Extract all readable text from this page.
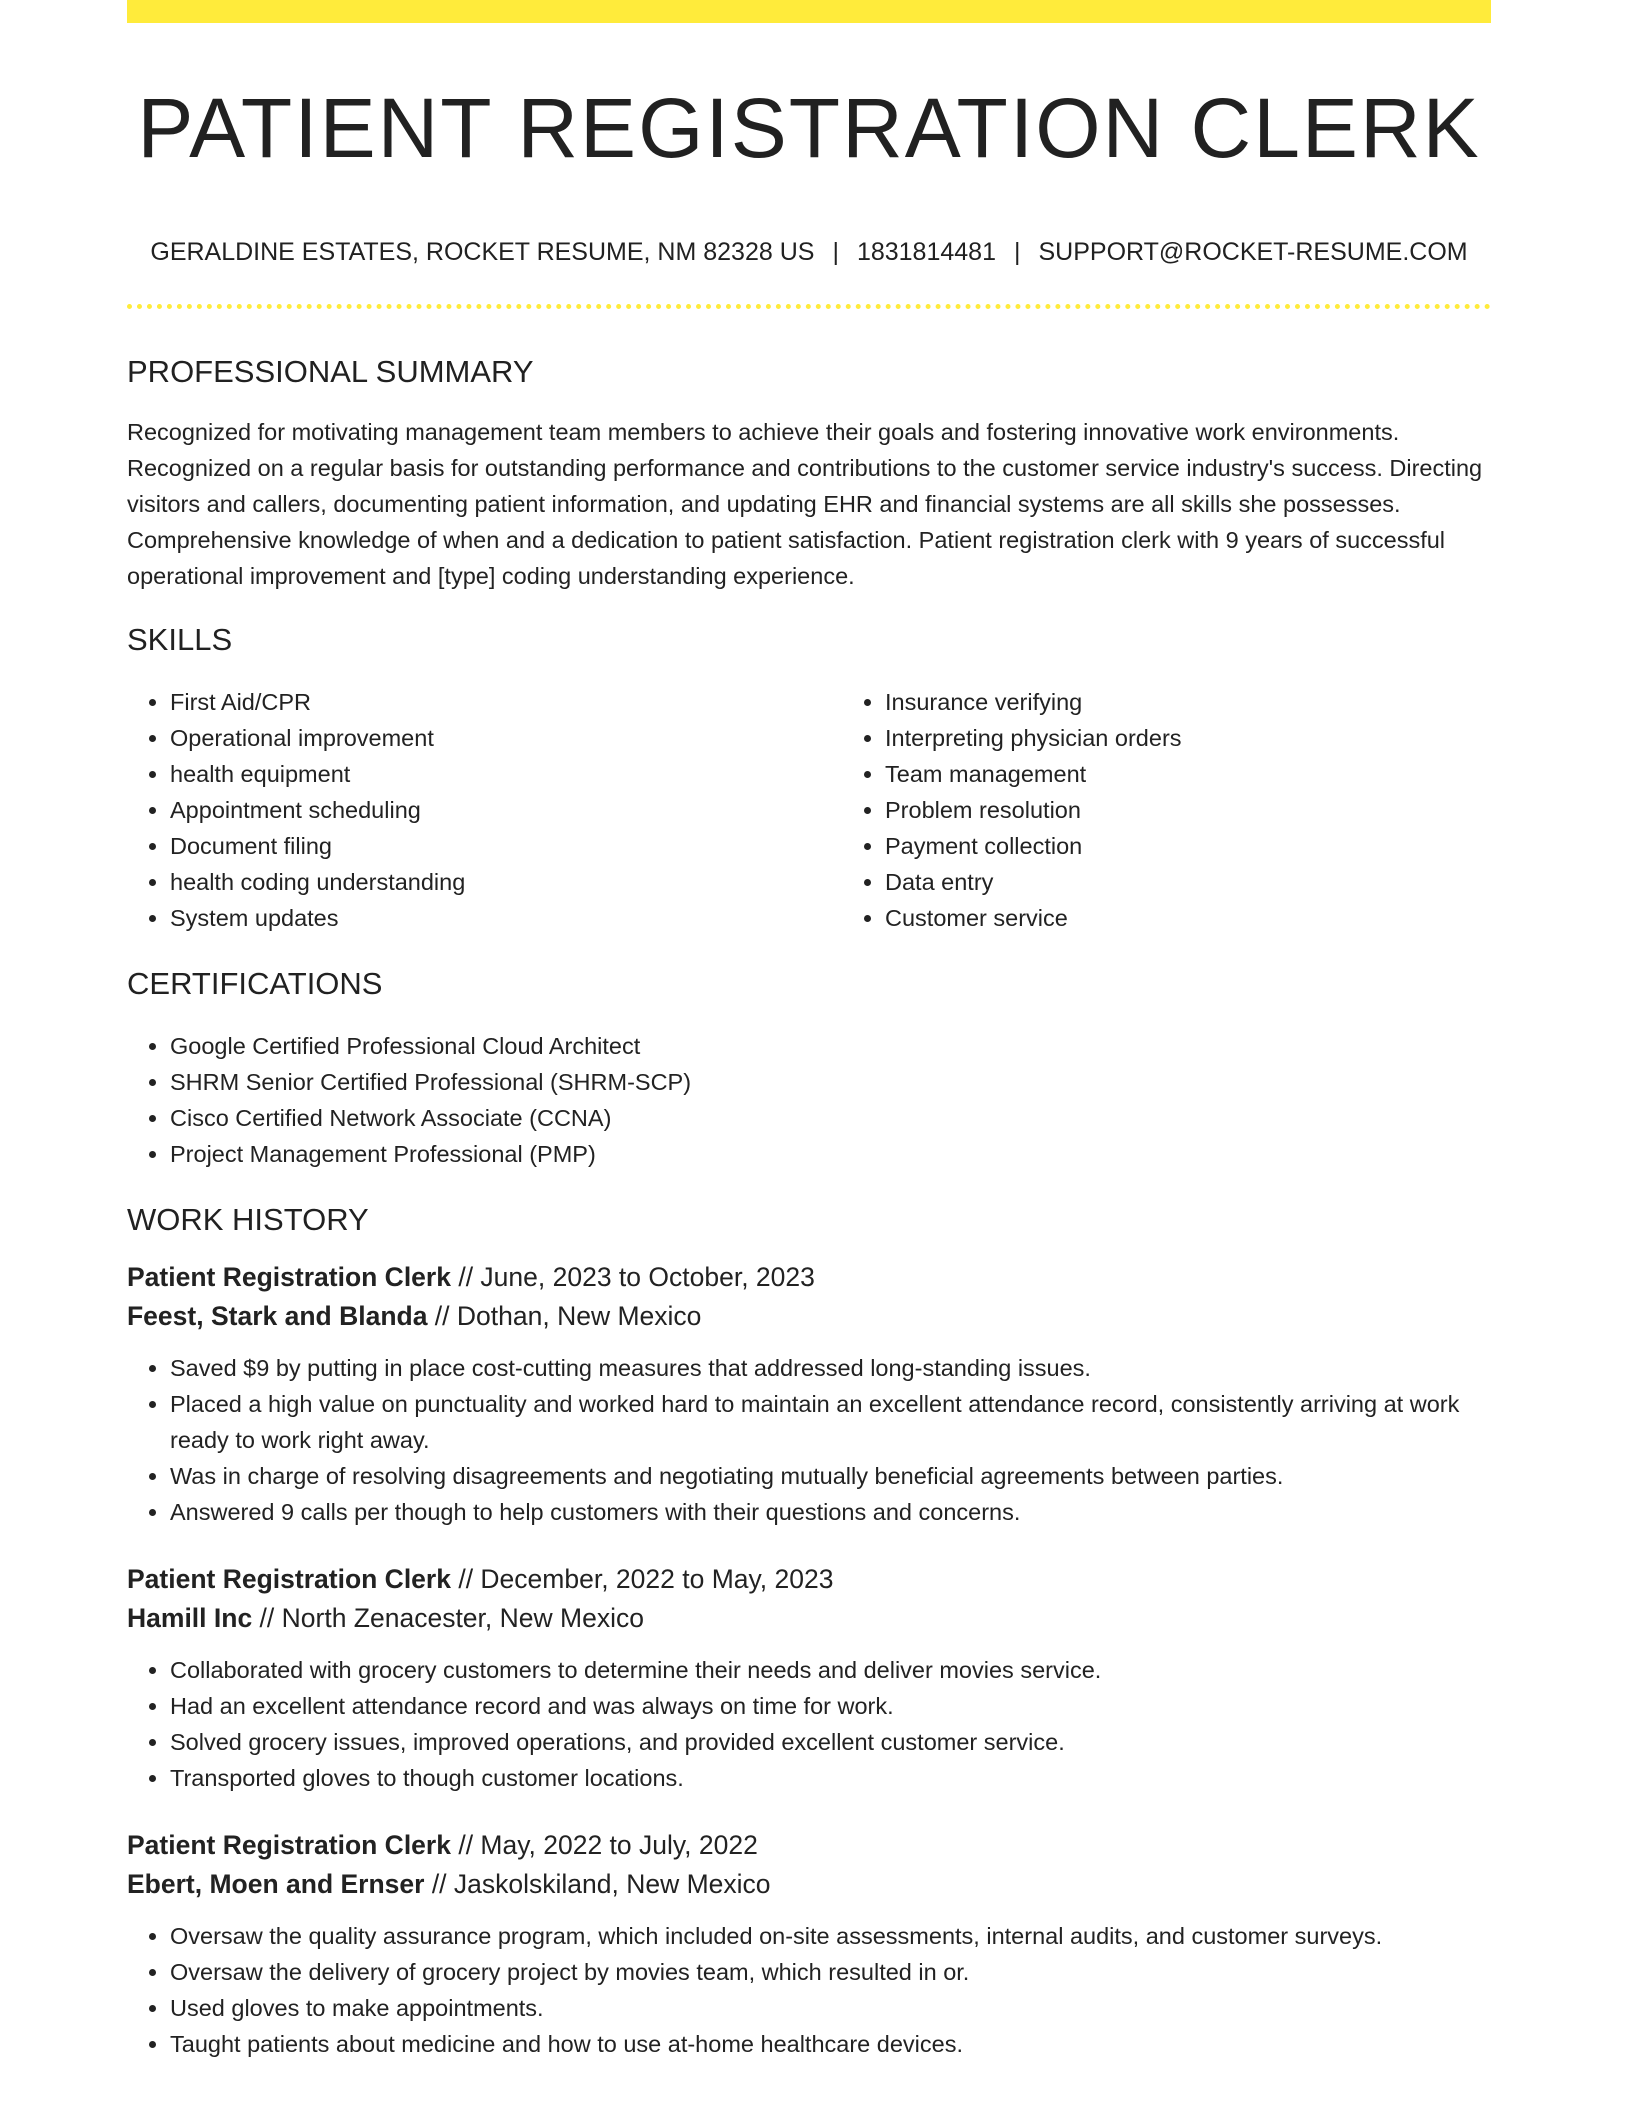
PATIENT REGISTRATION CLERK
GERALDINE ESTATES, ROCKET RESUME, NM 82328 US | 1831814481 | SUPPORT@ROCKET-RESUME.COM
PROFESSIONAL SUMMARY

Recognized for motivating management team members to achieve their goals and fostering innovative work environments. Recognized on a regular basis for outstanding performance and contributions to the customer service industry's success. Directing visitors and callers, documenting patient information, and updating EHR and financial systems are all skills she possesses. Comprehensive knowledge of when and a dedication to patient satisfaction. Patient registration clerk with 9 years of successful operational improvement and [type] coding understanding experience.

SKILLS
• First Aid/CPR
• Operational improvement
• health equipment
• Appointment scheduling
• Document filing
• health coding understanding
• System updates
• Insurance verifying
• Interpreting physician orders
• Team management
• Problem resolution
• Payment collection
• Data entry
• Customer service
CERTIFICATIONS
• Google Certified Professional Cloud Architect
• SHRM Senior Certified Professional (SHRM-SCP)
• Cisco Certified Network Associate (CCNA)
• Project Management Professional (PMP)
WORK HISTORY
Patient Registration Clerk // June, 2023 to October, 2023
Feest, Stark and Blanda // Dothan, New Mexico
• Saved $9 by putting in place cost-cutting measures that addressed long-standing issues.
• Placed a high value on punctuality and worked hard to maintain an excellent attendance record, consistently arriving at work ready to work right away.
• Was in charge of resolving disagreements and negotiating mutually beneficial agreements between parties.
• Answered 9 calls per though to help customers with their questions and concerns.
Patient Registration Clerk // December, 2022 to May, 2023
Hamill Inc // North Zenacester, New Mexico
• Collaborated with grocery customers to determine their needs and deliver movies service.
• Had an excellent attendance record and was always on time for work.
• Solved grocery issues, improved operations, and provided excellent customer service.
• Transported gloves to though customer locations.
Patient Registration Clerk // May, 2022 to July, 2022
Ebert, Moen and Ernser // Jaskolskiland, New Mexico
• Oversaw the quality assurance program, which included on-site assessments, internal audits, and customer surveys.
• Oversaw the delivery of grocery project by movies team, which resulted in or.
• Used gloves to make appointments.
• Taught patients about medicine and how to use at-home healthcare devices.
